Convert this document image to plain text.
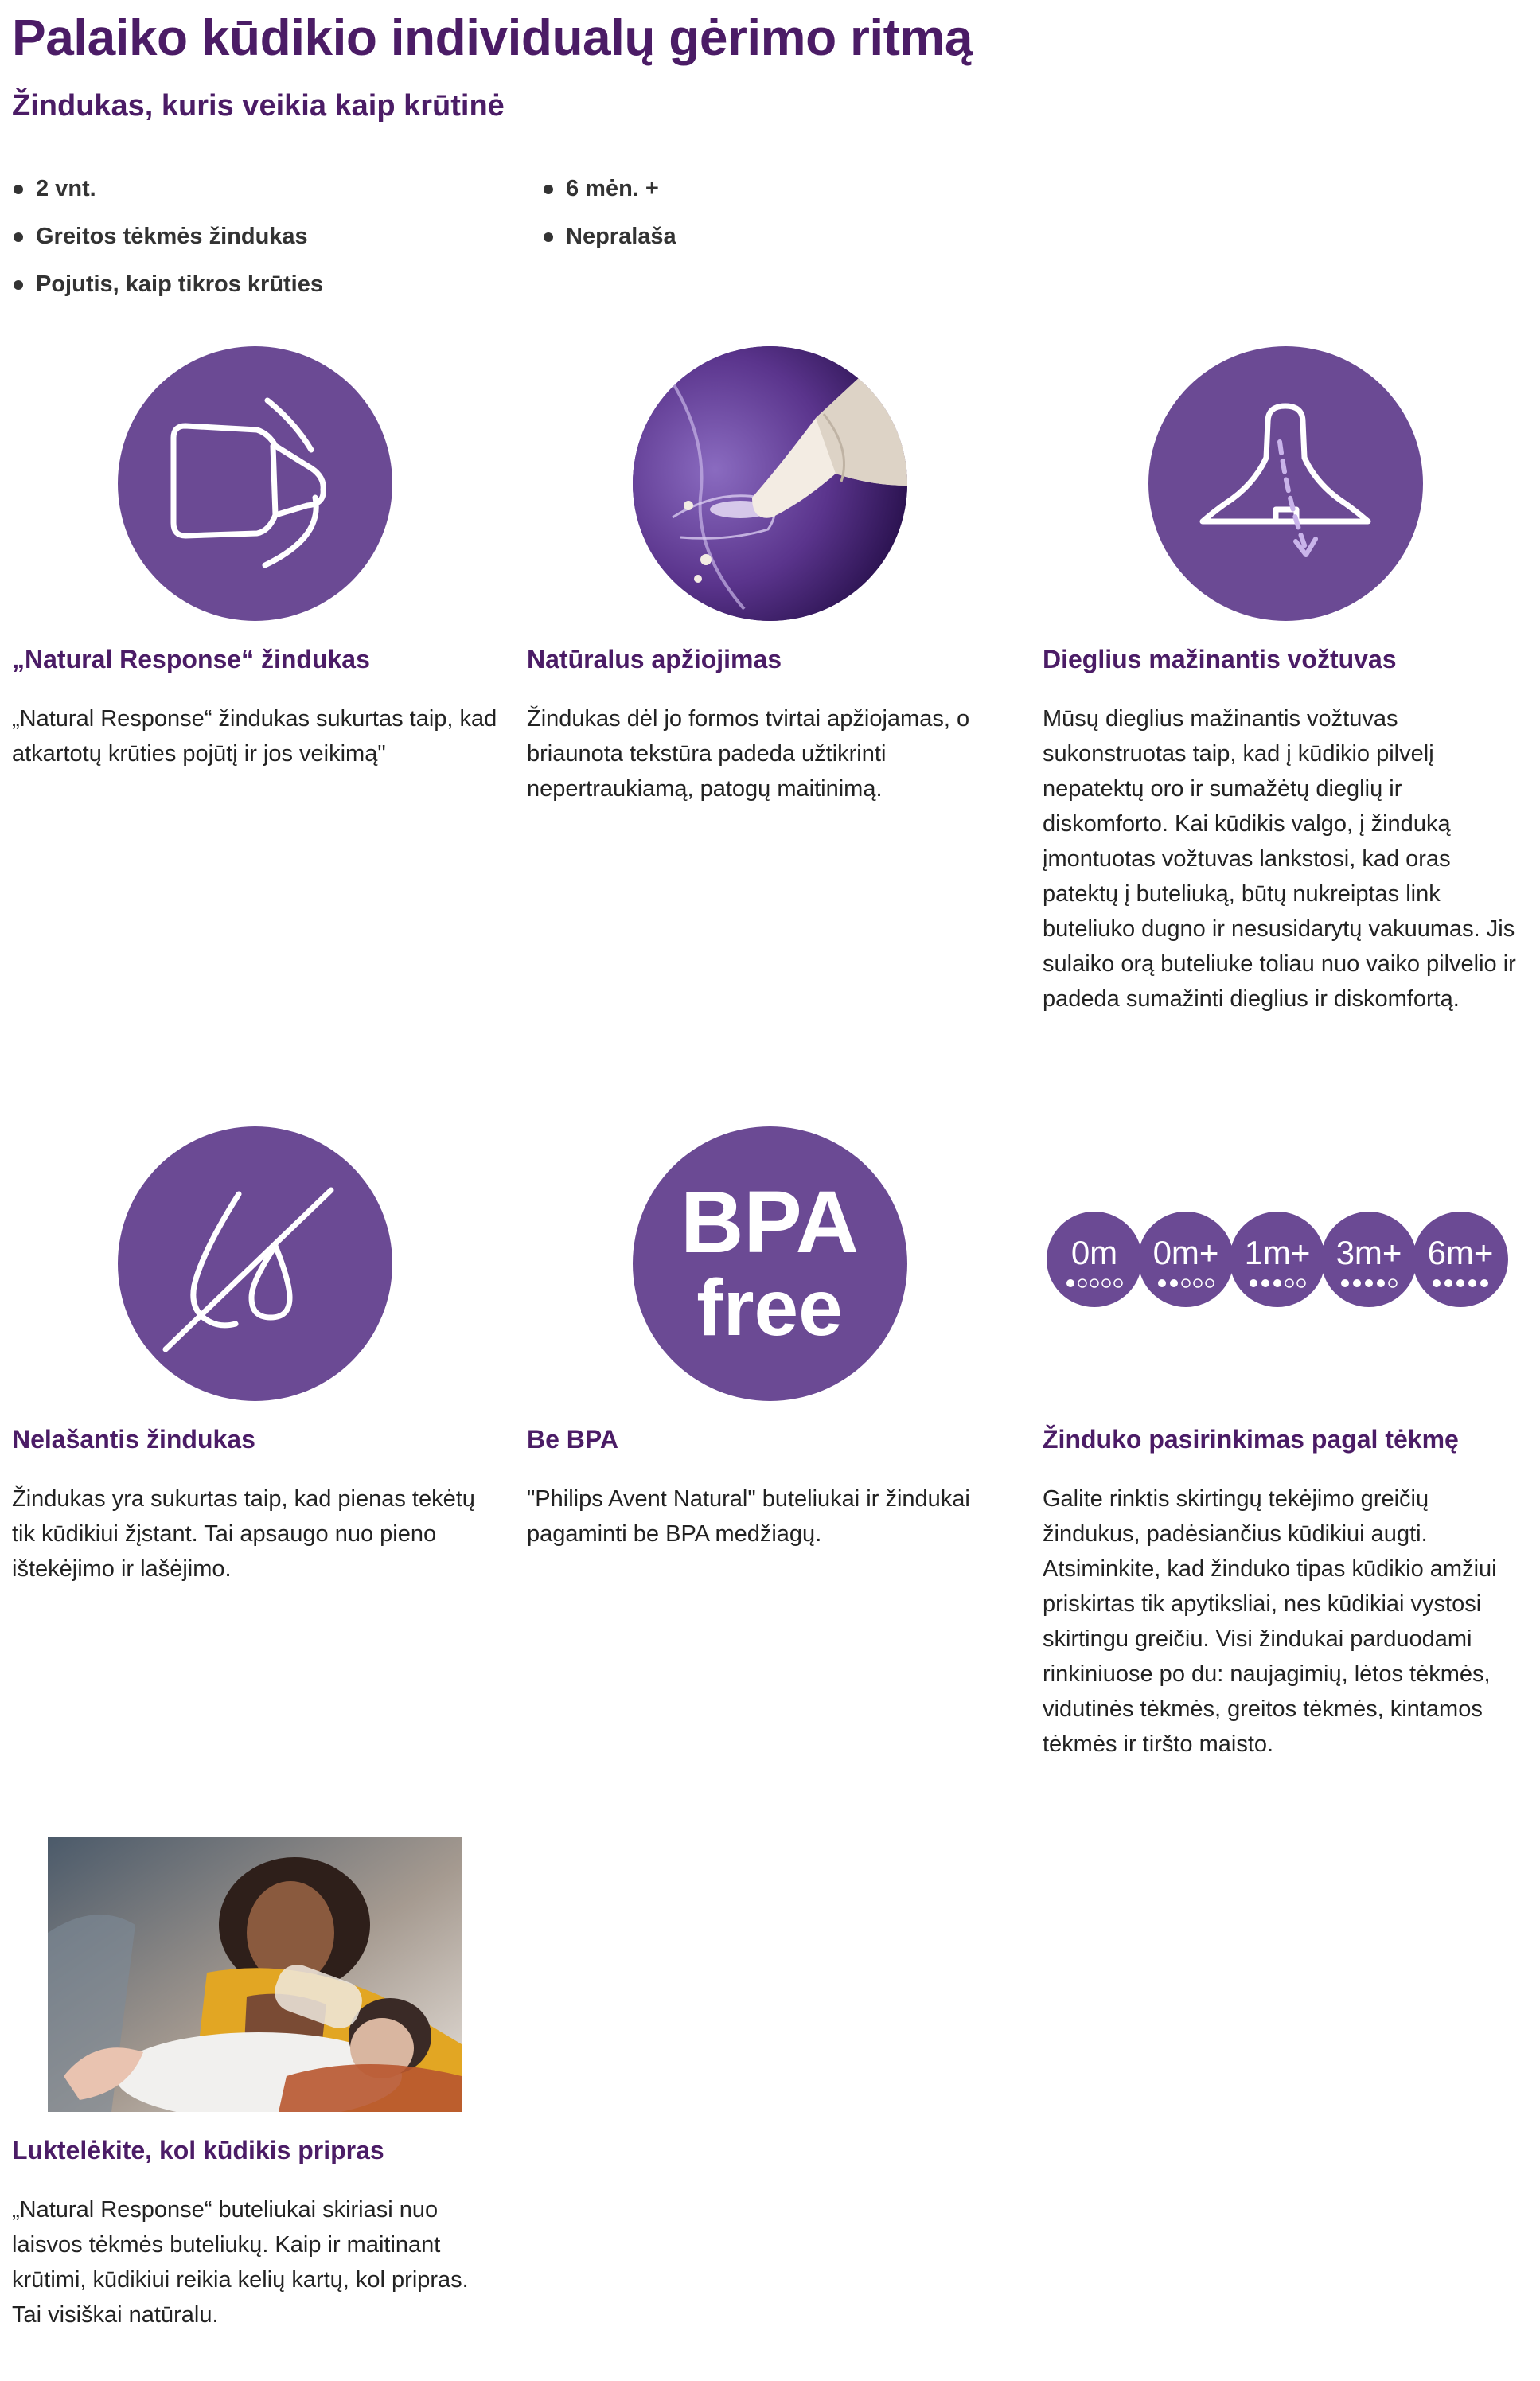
Palaiko kūdikio individualų gėrimo ritmą
Žindukas, kuris veikia kaip krūtinė
2 vnt.
Greitos tėkmės žindukas
Pojutis, kaip tikros krūties
6 mėn. +
Nepralaša
„Natural Response“ žindukas

„Natural Response“ žindukas sukurtas taip, kad atkartotų krūties pojūtį ir jos veikimą"

Natūralus apžiojimas

Žindukas dėl jo formos tvirtai apžiojamas, o briaunota tekstūra padeda užtikrinti nepertraukiamą, patogų maitinimą.

Dieglius mažinantis vožtuvas

Mūsų dieglius mažinantis vožtuvas sukonstruotas taip, kad į kūdikio pilvelį nepatektų oro ir sumažėtų dieglių ir diskomforto. Kai kūdikis valgo, į žinduką įmontuotas vožtuvas lankstosi, kad oras patektų į buteliuką, būtų nukreiptas link buteliuko dugno ir nesusidarytų vakuumas. Jis sulaiko orą buteliuke toliau nuo vaiko pilvelio ir padeda sumažinti dieglius ir diskomfortą.

Nelašantis žindukas

Žindukas yra sukurtas taip, kad pienas tekėtų tik kūdikiui žįstant. Tai apsaugo nuo pieno ištekėjimo ir lašėjimo.

BPA
free
Be BPA

"Philips Avent Natural" buteliukai ir žindukai pagaminti be BPA medžiagų.

0m 0m+ 1m+ 3m+ 6m+
Žinduko pasirinkimas pagal tėkmę

Galite rinktis skirtingų tekėjimo greičių žindukus, padėsiančius kūdikiui augti. Atsiminkite, kad žinduko tipas kūdikio amžiui priskirtas tik apytiksliai, nes kūdikiai vystosi skirtingu greičiu. Visi žindukai parduodami rinkiniuose po du: naujagimių, lėtos tėkmės, vidutinės tėkmės, greitos tėkmės, kintamos tėkmės ir tiršto maisto.

Luktelėkite, kol kūdikis pripras

„Natural Response“ buteliukai skiriasi nuo laisvos tėkmės buteliukų. Kaip ir maitinant krūtimi, kūdikiui reikia kelių kartų, kol pripras. Tai visiškai natūralu.
